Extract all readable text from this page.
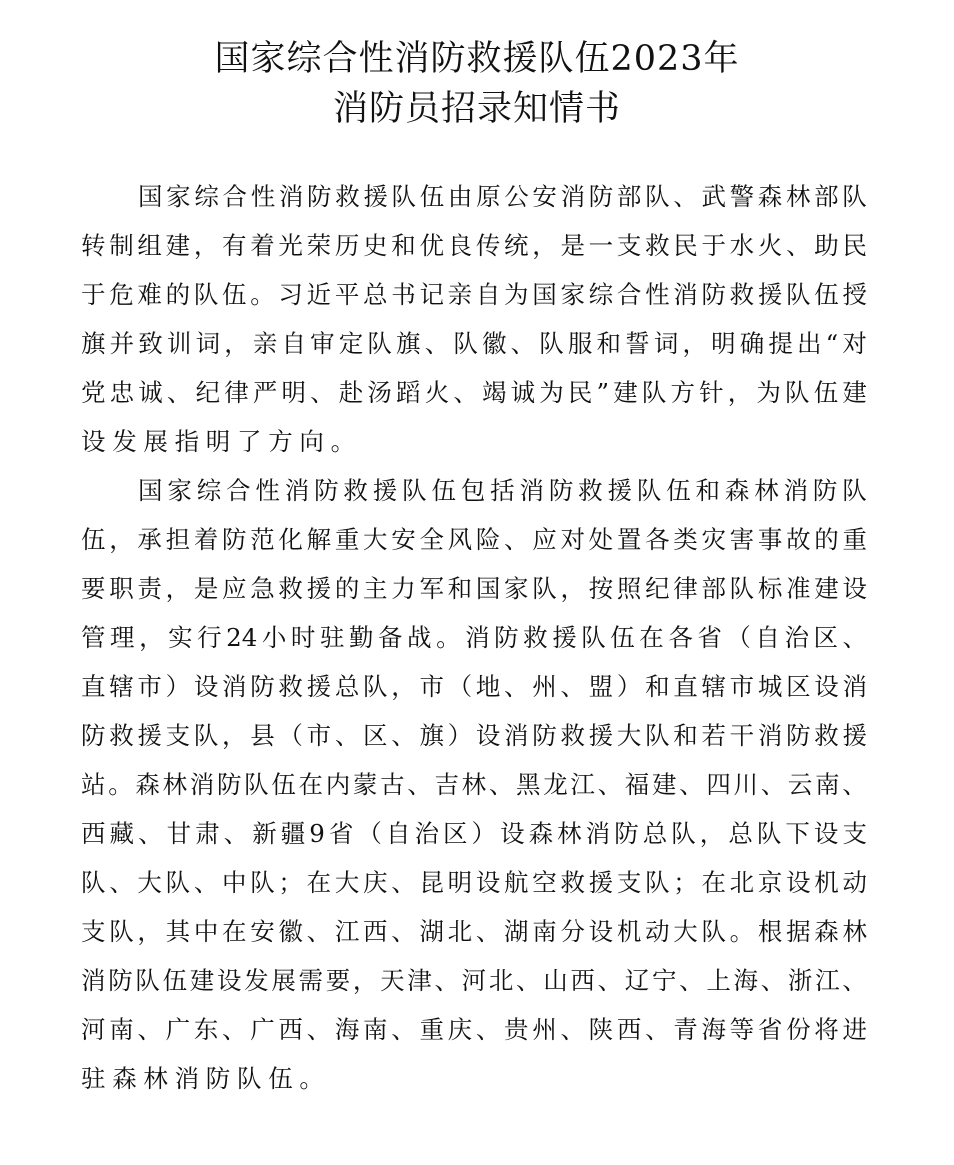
国家综合性消防救援队伍2023年
消防员招录知情书
国 家 综 合 性 消 防 救 援 队 伍 由 原 公 安 消 防 部 队 、 武 警 森 林 部 队
转 制 组 建 ， 有 着 光 荣 历 史 和 优 良 传 统 ， 是 一 支 救 民 于 水 火 、 助 民
于 危 难 的 队 伍 。 习 近 平 总 书 记 亲 自 为 国 家 综 合 性 消 防 救 援 队 伍 授
旗 并 致 训 词 ， 亲 自 审 定 队 旗 、 队 徽 、 队 服 和 誓 词 ， 明 确 提 出 “ 对
党 忠 诚 、 纪 律 严 明 、 赴 汤 蹈 火 、 竭 诚 为 民 ” 建 队 方 针 ， 为 队 伍 建
设发展指明了方向。
国 家 综 合 性 消 防 救 援 队 伍 包 括 消 防 救 援 队 伍 和 森 林 消 防 队
伍 ， 承 担 着 防 范 化 解 重 大 安 全 风 险 、 应 对 处 置 各 类 灾 害 事 故 的 重
要 职 责 ， 是 应 急 救 援 的 主 力 军 和 国 家 队 ， 按 照 纪 律 部 队 标 准 建 设
管 理 ， 实 行 24 小 时 驻 勤 备 战 。 消 防 救 援 队 伍 在 各 省 （ 自 治 区 、
直 辖 市 ） 设 消 防 救 援 总 队 ， 市 （ 地 、 州 、 盟 ） 和 直 辖 市 城 区 设 消
防 救 援 支 队 ， 县 （ 市 、 区 、 旗 ） 设 消 防 救 援 大 队 和 若 干 消 防 救 援
站 。 森 林 消 防 队 伍 在 内 蒙 古 、 吉 林 、 黑 龙 江 、 福 建 、 四 川 、 云 南 、
西 藏 、 甘 肃 、 新 疆 9 省 （ 自 治 区 ） 设 森 林 消 防 总 队 ， 总 队 下 设 支
队 、 大 队 、 中 队 ； 在 大 庆 、 昆 明 设 航 空 救 援 支 队 ； 在 北 京 设 机 动
支 队 ， 其 中 在 安 徽 、 江 西 、 湖 北 、 湖 南 分 设 机 动 大 队 。 根 据 森 林
消 防 队 伍 建 设 发 展 需 要 ， 天 津 、 河 北 、 山 西 、 辽 宁 、 上 海 、 浙 江 、
河 南 、 广 东 、 广 西 、 海 南 、 重 庆 、 贵 州 、 陕 西 、 青 海 等 省 份 将 进
驻森林消防队伍。
